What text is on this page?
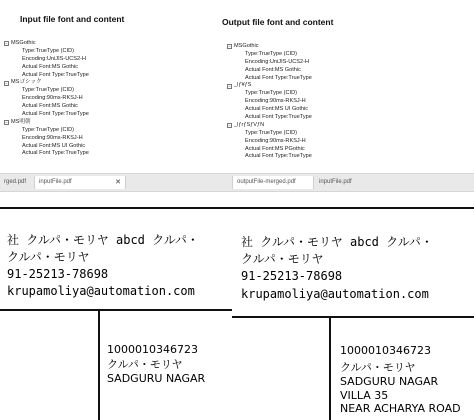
Input file font and content
− MSGothic
Type:TrueType (CID)
Encoding:UniJIS-UCS2-H
Actual Font:MS Gothic
Actual Font Type:TrueType
− MSゴシック
Type:TrueType (CID)
Encoding:90ms-RKSJ-H
Actual Font:MS Gothic
Actual Font Type:TrueType
− MS明朝
Type:TrueType (CID)
Encoding:90ms-RKSJ-H
Actual Font:MS UI Gothic
Actual Font Type:TrueType
rged.pdf	inputFile.pdf	✕
社 クルパ・モリヤ abcd クルパ・
クルパ・モリヤ
91-25213-78698
krupamoliya@automation.com
1000010346723
クルパ・モリヤ
SADGURU NAGAR
Output file font and content
− MSGothic
Type:TrueType (CID)
Encoding:UniJIS-UCS2-H
Actual Font:MS Gothic
Actual Font Type:TrueType
− _lƒ¥ƒS
Type:TrueType (CID)
Encoding:90ms-RKSJ-H
Actual Font:MS UI Gothic
Actual Font Type:TrueType
− _lƒrƒSƒVƒN
Type:TrueType (CID)
Encoding:90ms-RKSJ-H
Actual Font:MS PGothic
Actual Font Type:TrueType
outputFile-merged.pdf	inputFile.pdf
社 クルパ・モリヤ abcd クルパ・
クルパ・モリヤ
91-25213-78698
krupamoliya@automation.com
1000010346723
クルパ・モリヤ
SADGURU NAGAR
VILLA 35
NEAR ACHARYA ROAD
